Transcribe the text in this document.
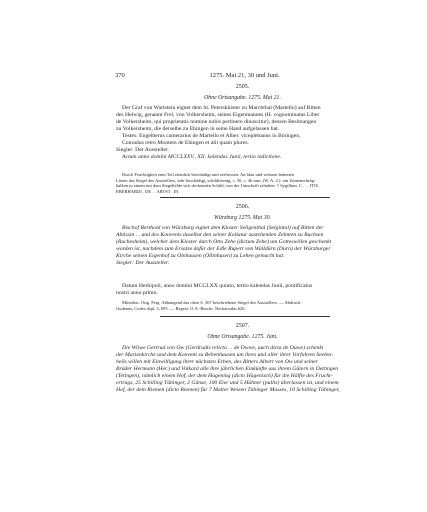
370	1275. Mai 21, 30 und Juni.
2505.
Ohne Ortsangabe. 1275. Mai 21.
Der Graf von Wartstein eignet dem St. Petersklöster zu Marchthal (Martello) auf Bitten
des Helwig, genannt Frei, von Volkersheim, seines Eigenmannes (H. cognominatus Liber
de Volkersheim, qui proprietatis nomine nobis pertinere dinoscitur), dessen Besitzungen
zu Volkersheim, die derselbe zu Ehingen in seine Hand aufgelassen hat.
Testes: Engelberus camerarius de Martello et Alber. viceplebanus in Böringen,
Conradus retro Montem de Ehingen et alii quam plures.
Siegler: Der Aussteller.
Actum anno domini MCCLXXV., XII. kalendas Junii, tertia indictione.
Durch Feuchtigkeit zum Teil ziemlich beschädigt und zerfressen. An blau und weissen leinenen
Litzen das Siegel des Ausstellers, sehr beschädigt, schildförmig, c. 50, c. 46 mm, (W. A. 2.): ein Zinnenschräg-
balken in einem mit dem Siegelfelde sich deckenden Schild; von der Umschrift erhalten: † Sygillum. C . . . ITIS .
EBERHARDI . DE . . ARTST . IN.
2506.
Würzburg 1275. Mai 30.
Bischof Berthold von Würzburg eignet dem Kloster Seligenthal (Selgintal) auf Bitten der
Äbtissin . . und des Konvents daselbst den seiner Kollatur zustehenden Zehnten zu Ruchsen
(Ruchesheim), welcher dem Kloster durch Otto Zehe (dictum Zehe) um Gotteswillen geschenkt
worden ist, nachdem zum Ersatze dafür der Edle Rupert von Walldürn (Durn) der Würzburger
Kirche seinen Eigenhof zu Olnhausen (Ollinhusen) zu Lehen gemacht hat.
Siegler: Der Aussteller.
Datum Herbipoli, anno domini MCCLXX quinto, tertio kalendas Junii, pontificatus
nostri anno primo.
Mitteilen. Orig. Perg. Abhangend das oben S. 367 beschriebene Siegel des Ausstellers. — Abdruck:
Gudenus, Codex dipl. 3, 695. — Regest: O.A.-Beschr. Neckarsulm 626.
2507.
Ohne Ortsangabe. 1275. Juni.
Die Witwe Gertrud von Ow (Gerdrudis relicta . . de Owwe, auch dicta de Ouwe) schenkt
der Marienkirche und dem Konvent zu Bebenhausen um ihres und aller ihrer Vorfahren Seelen-
heils willen mit Einwilligung ihrer nächsten Erben, des Ritters Albert von Ow und seiner
Brüder Hermann (Her.) und Volkard alle ihre jährlichen Einkünfte aus ihrem Gütern in Dettingen
(Tetingen), nämlich einem Hof, der dem Hagening (dicto Hägenisch) für die Hälfte des Frucht-
ertrags, 25 Schilling Tübinger, 2 Gänse, 100 Eier und 5 Hühner (pullis) überlassen ist, und einem
Hof, der dem Riemen (dicto Riemen) für 7 Malter Weizen Tübinger Masses, 10 Schilling Tübinger,
